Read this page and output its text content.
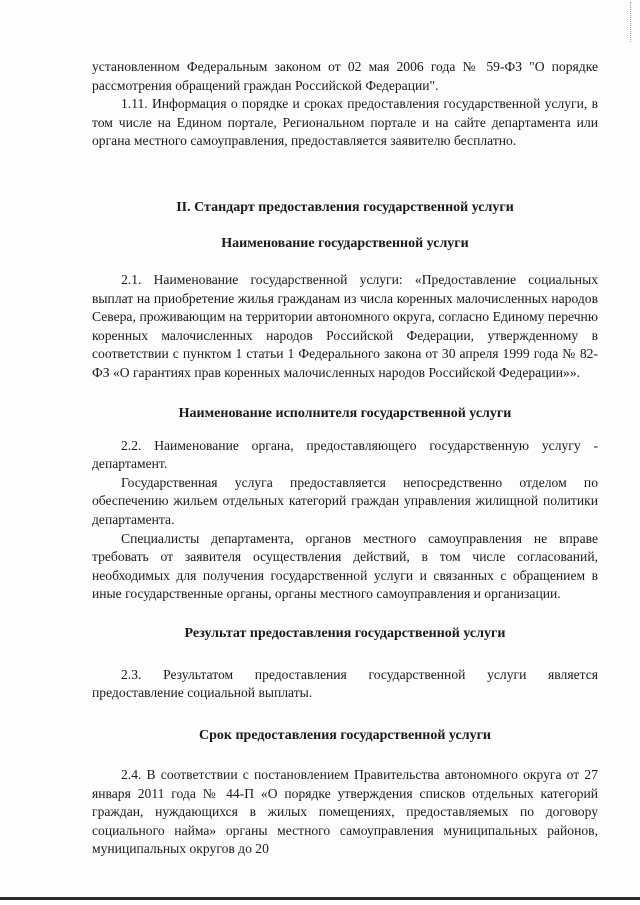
установленном Федеральным законом от 02 мая 2006 года № 59-ФЗ "О порядке рассмотрения обращений граждан Российской Федерации".

1.11. Информация о порядке и сроках предоставления государственной услуги, в том числе на Едином портале, Региональном портале и на сайте департамента или органа местного самоуправления, предоставляется заявителю бесплатно.

II. Стандарт предоставления государственной услуги
Наименование государственной услуги

2.1. Наименование государственной услуги: «Предоставление социальных выплат на приобретение жилья гражданам из числа коренных малочисленных народов Севера, проживающим на территории автономного округа, согласно Единому перечню коренных малочисленных народов Российской Федерации, утвержденному в соответствии с пунктом 1 статьи 1 Федерального закона от 30 апреля 1999 года № 82-ФЗ «О гарантиях прав коренных малочисленных народов Российской Федерации»».

Наименование исполнителя государственной услуги

2.2. Наименование органа, предоставляющего государственную услугу - департамент.

Государственная услуга предоставляется непосредственно отделом по обеспечению жильем отдельных категорий граждан управления жилищной политики департамента.

Специалисты департамента, органов местного самоуправления не вправе требовать от заявителя осуществления действий, в том числе согласований, необходимых для получения государственной услуги и связанных с обращением в иные государственные органы, органы местного самоуправления и организации.

Результат предоставления государственной услуги

2.3. Результатом предоставления государственной услуги является предоставление социальной выплаты.

Срок предоставления государственной услуги

2.4. В соответствии с постановлением Правительства автономного округа от 27 января 2011 года № 44-П «О порядке утверждения списков отдельных категорий граждан, нуждающихся в жилых помещениях, предоставляемых по договору социального найма» органы местного самоуправления муниципальных районов, муниципальных округов до 20
